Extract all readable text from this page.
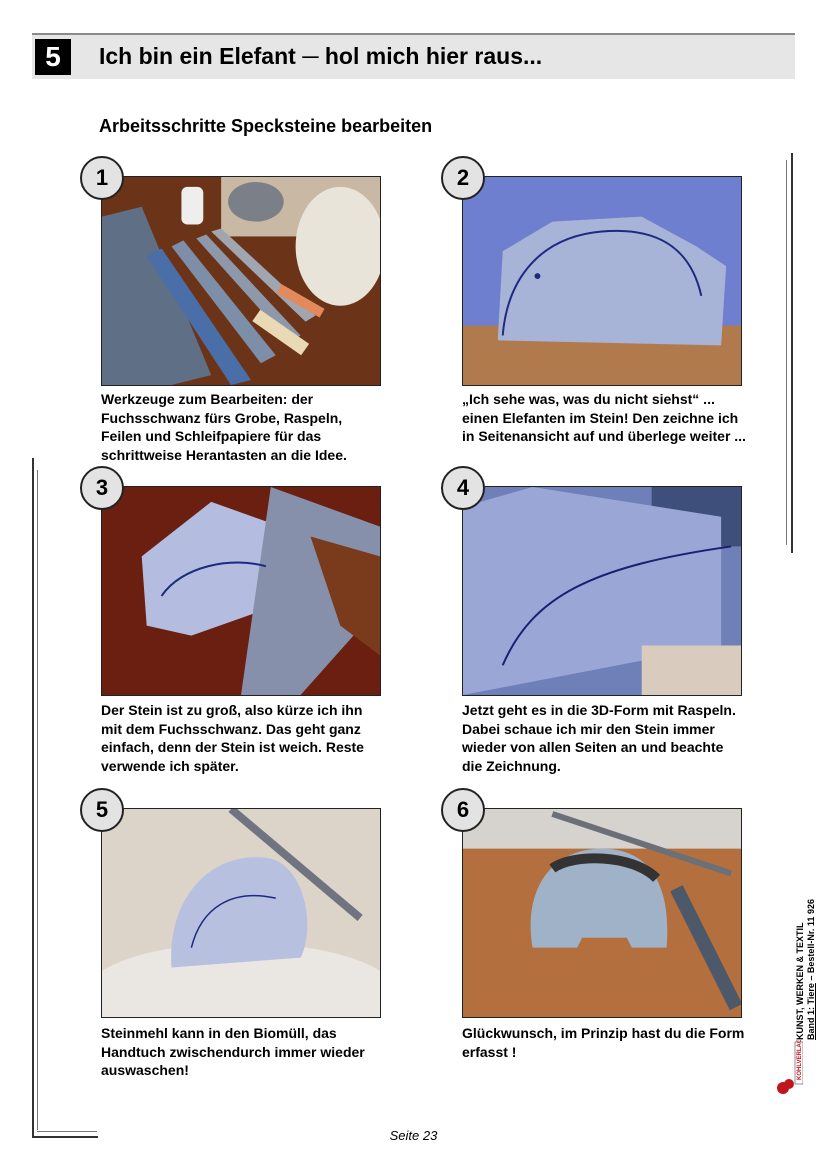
5	Ich bin ein Elefant ─ hol mich hier raus...
Arbeitsschritte Specksteine bearbeiten
1
Werkzeuge zum Bearbeiten: der Fuchsschwanz fürs Grobe, Raspeln, Feilen und Schleifpapiere für das schrittweise Herantasten an die Idee.
2
„Ich sehe was, was du nicht siehst“ ... einen Elefanten im Stein! Den zeichne ich in Seitenansicht auf und überlege weiter ...
3
Der Stein ist zu groß, also kürze ich ihn mit dem Fuchsschwanz. Das geht ganz einfach, denn der Stein ist weich. Reste verwende ich später.
4
Jetzt geht es in die 3D-Form mit Raspeln. Dabei schaue ich mir den Stein immer wieder von allen Seiten an und beachte die Zeichnung.
5
Steinmehl kann in den Biomüll, das Handtuch zwischendurch immer wieder auswaschen!
6
Glückwunsch, im Prinzip hast du die Form erfasst !
KUNST, WERKEN & TEXTIL Band 1: Tiere – Bestell-Nr. 11 926
KOHLVERLAG
Seite 23
